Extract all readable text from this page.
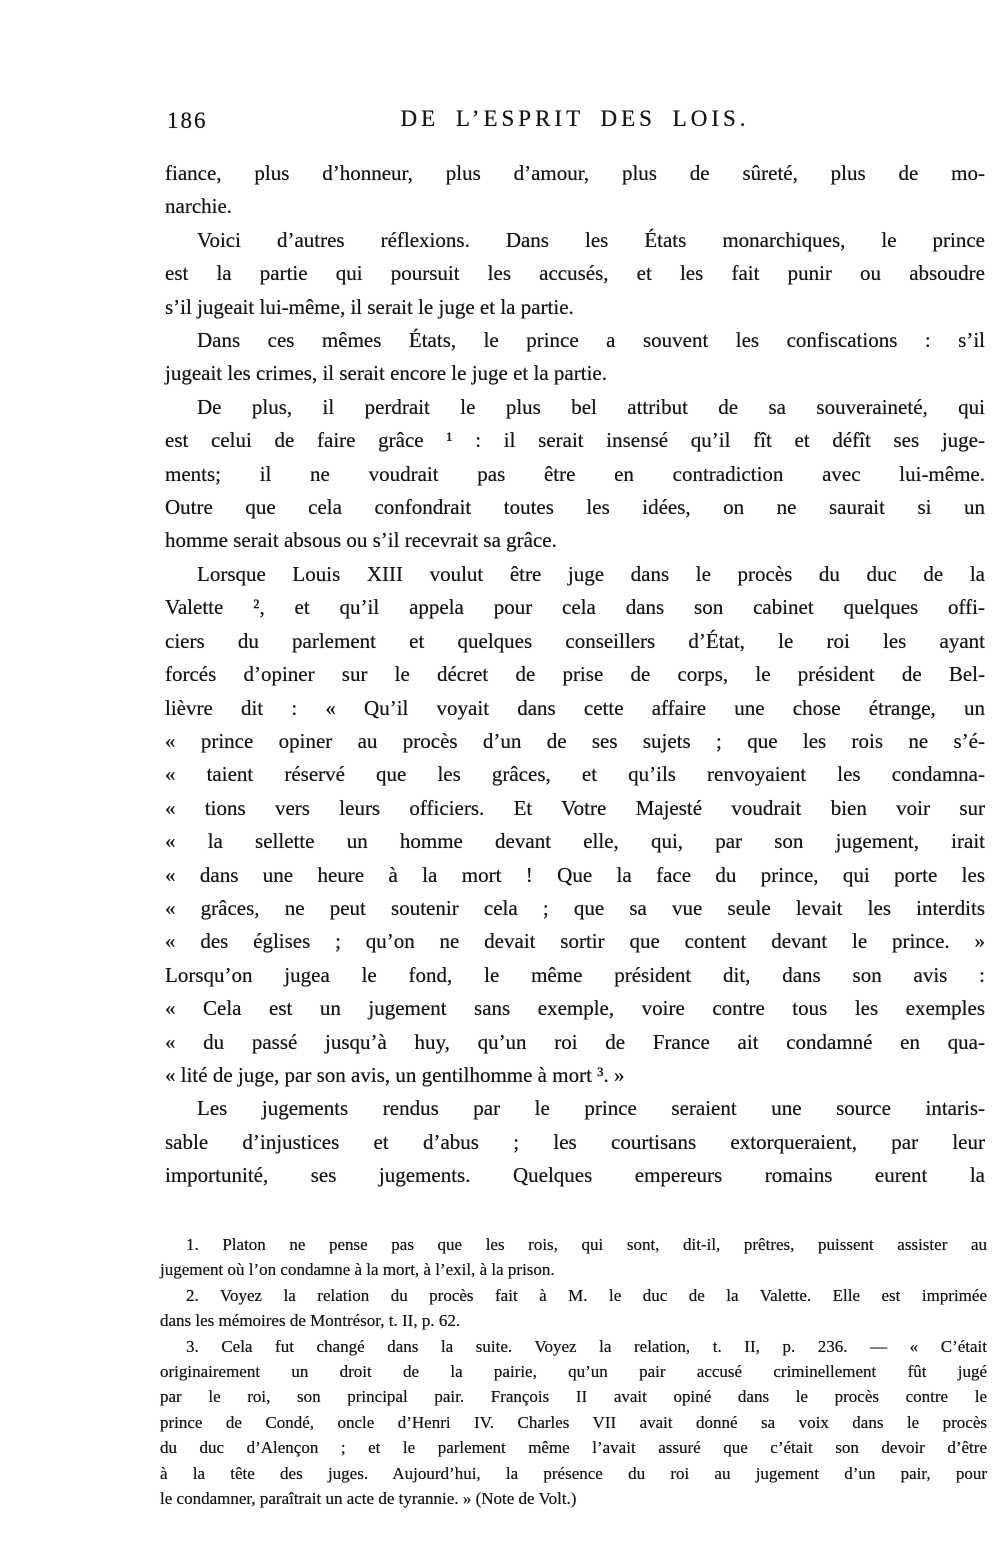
186	DE L’ESPRIT DES LOIS.
fiance, plus d’honneur, plus d’amour, plus de sûreté, plus de mo-
narchie.
Voici d’autres réflexions. Dans les États monarchiques, le prince
est la partie qui poursuit les accusés, et les fait punir ou absoudre
s’il jugeait lui-même, il serait le juge et la partie.
Dans ces mêmes États, le prince a souvent les confiscations : s’il
jugeait les crimes, il serait encore le juge et la partie.
De plus, il perdrait le plus bel attribut de sa souveraineté, qui
est celui de faire grâce ¹ : il serait insensé qu’il fît et défît ses juge-
ments; il ne voudrait pas être en contradiction avec lui-même.
Outre que cela confondrait toutes les idées, on ne saurait si un
homme serait absous ou s’il recevrait sa grâce.
Lorsque Louis XIII voulut être juge dans le procès du duc de la
Valette ², et qu’il appela pour cela dans son cabinet quelques offi-
ciers du parlement et quelques conseillers d’État, le roi les ayant
forcés d’opiner sur le décret de prise de corps, le président de Bel-
lièvre dit : « Qu’il voyait dans cette affaire une chose étrange, un
« prince opiner au procès d’un de ses sujets ; que les rois ne s’é-
« taient réservé que les grâces, et qu’ils renvoyaient les condamna-
« tions vers leurs officiers. Et Votre Majesté voudrait bien voir sur
« la sellette un homme devant elle, qui, par son jugement, irait
« dans une heure à la mort ! Que la face du prince, qui porte les
« grâces, ne peut soutenir cela ; que sa vue seule levait les interdits
« des églises ; qu’on ne devait sortir que content devant le prince. »
Lorsqu’on jugea le fond, le même président dit, dans son avis :
« Cela est un jugement sans exemple, voire contre tous les exemples
« du passé jusqu’à huy, qu’un roi de France ait condamné en qua-
« lité de juge, par son avis, un gentilhomme à mort ³. »
Les jugements rendus par le prince seraient une source intaris-
sable d’injustices et d’abus ; les courtisans extorqueraient, par leur
importunité, ses jugements. Quelques empereurs romains eurent la
1. Platon ne pense pas que les rois, qui sont, dit-il, prêtres, puissent assister au
jugement où l’on condamne à la mort, à l’exil, à la prison.
2. Voyez la relation du procès fait à M. le duc de la Valette. Elle est imprimée
dans les mémoires de Montrésor, t. II, p. 62.
3. Cela fut changé dans la suite. Voyez la relation, t. II, p. 236. — « C’était
originairement un droit de la pairie, qu’un pair accusé criminellement fût jugé
par le roi, son principal pair. François II avait opiné dans le procès contre le
prince de Condé, oncle d’Henri IV. Charles VII avait donné sa voix dans le procès
du duc d’Alençon ; et le parlement même l’avait assuré que c’était son devoir d’être
à la tête des juges. Aujourd’hui, la présence du roi au jugement d’un pair, pour
le condamner, paraîtrait un acte de tyrannie. » (Note de Volt.)
